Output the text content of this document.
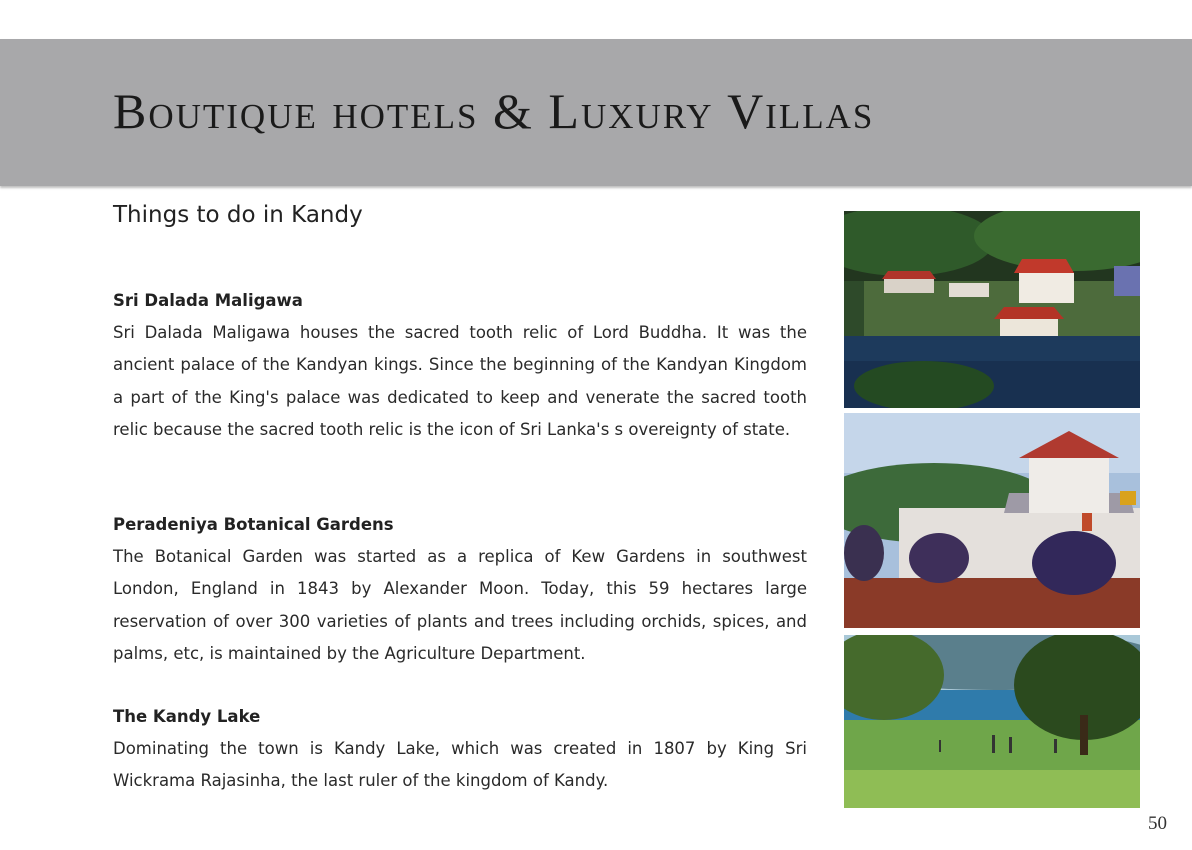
Boutique hotels & Luxury Villas
Things to do in Kandy
Sri Dalada Maligawa

Sri Dalada Maligawa houses the sacred tooth relic of Lord Buddha. It was the ancient palace of the Kandyan kings. Since the beginning of the Kandyan Kingdom a part of the King's palace was dedicated to keep and venerate the sacred tooth relic because the sacred tooth relic is the icon of Sri Lanka's s overeignty of state.

Peradeniya Botanical Gardens

The Botanical Garden was started as a replica of Kew Gardens in southwest London, England in 1843 by Alexander Moon. Today, this 59 hectares large reservation of over 300 varieties of plants and trees including orchids, spices, and palms, etc, is maintained by the Agriculture Department.

The Kandy Lake

Dominating the town is Kandy Lake, which was created in 1807 by King Sri Wickrama Rajasinha, the last ruler of the kingdom of Kandy.

50
